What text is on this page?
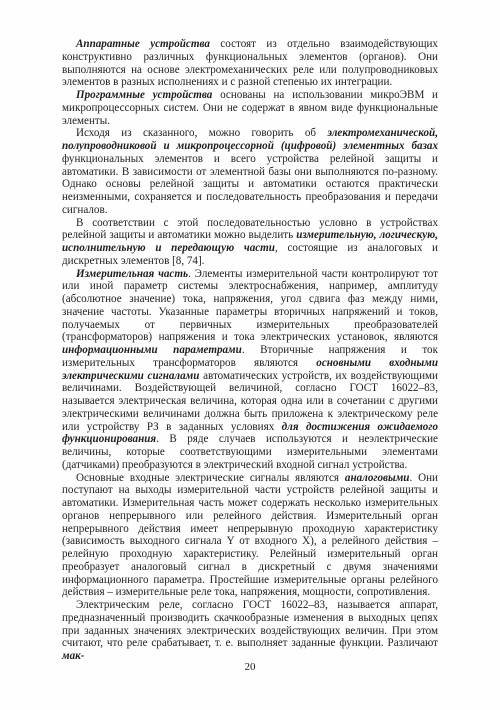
Аппаратные устройства состоят из отдельно взаимодействующих конструктивно различных функциональных элементов (органов). Они выполняются на основе электромеханических реле или полупроводниковых элементов в разных исполнениях и с разной степенью их интеграции.

Программные устройства основаны на использовании микроЭВМ и микропроцессорных систем. Они не содержат в явном виде функциональные элементы.

Исходя из сказанного, можно говорить об электромеханической, полупроводниковой и микропроцессорной (цифровой) элементных базах функциональных элементов и всего устройства релейной защиты и автоматики. В зависимости от элементной базы они выполняются по-разному. Однако основы релейной защиты и автоматики остаются практически неизменными, сохраняется и последовательность преобразования и передачи сигналов.

В соответствии с этой последовательностью условно в устройствах релейной защиты и автоматики можно выделить измерительную, логическую, исполнительную и передающую части, состоящие из аналоговых и дискретных элементов [8, 74].

Измерительная часть. Элементы измерительной части контролируют тот или иной параметр системы электроснабжения, например, амплитуду (абсолютное значение) тока, напряжения, угол сдвига фаз между ними, значение частоты. Указанные параметры вторичных напряжений и токов, получаемых от первичных измерительных преобразователей (трансформаторов) напряжения и тока электрических установок, являются информационными параметрами. Вторичные напряжения и ток измерительных трансформаторов являются основными входными электрическими сигналами автоматических устройств, их воздействующими величинами. Воздействующей величиной, согласно ГОСТ 16022–83, называется электрическая величина, которая одна или в сочетании с другими электрическими величинами должна быть приложена к электрическому реле или устройству РЗ в заданных условиях для достижения ожидаемого функционирования. В ряде случаев используются и неэлектрические величины, которые соответствующими измерительными элементами (датчиками) преобразуются в электрический входной сигнал устройства.

Основные входные электрические сигналы являются аналоговыми. Они поступают на выходы измерительной части устройств релейной защиты и автоматики. Измерительная часть может содержать несколько измерительных органов непрерывного или релейного действия. Измерительный орган непрерывного действия имеет непрерывную проходную характеристику (зависимость выходного сигнала Y от входного X), а релейного действия – релейную проходную характеристику. Релейный измерительный орган преобразует аналоговый сигнал в дискретный с двумя значениями информационного параметра. Простейшие измерительные органы релейного действия – измерительные реле тока, напряжения, мощности, сопротивления.

Электрическим реле, согласно ГОСТ 16022–83, называется аппарат, предназначенный производить скачкообразные изменения в выходных цепях при заданных значениях электрических воздействующих величин. При этом считают, что реле срабатывает, т. е. выполняет заданные функции. Различают мак-

20
